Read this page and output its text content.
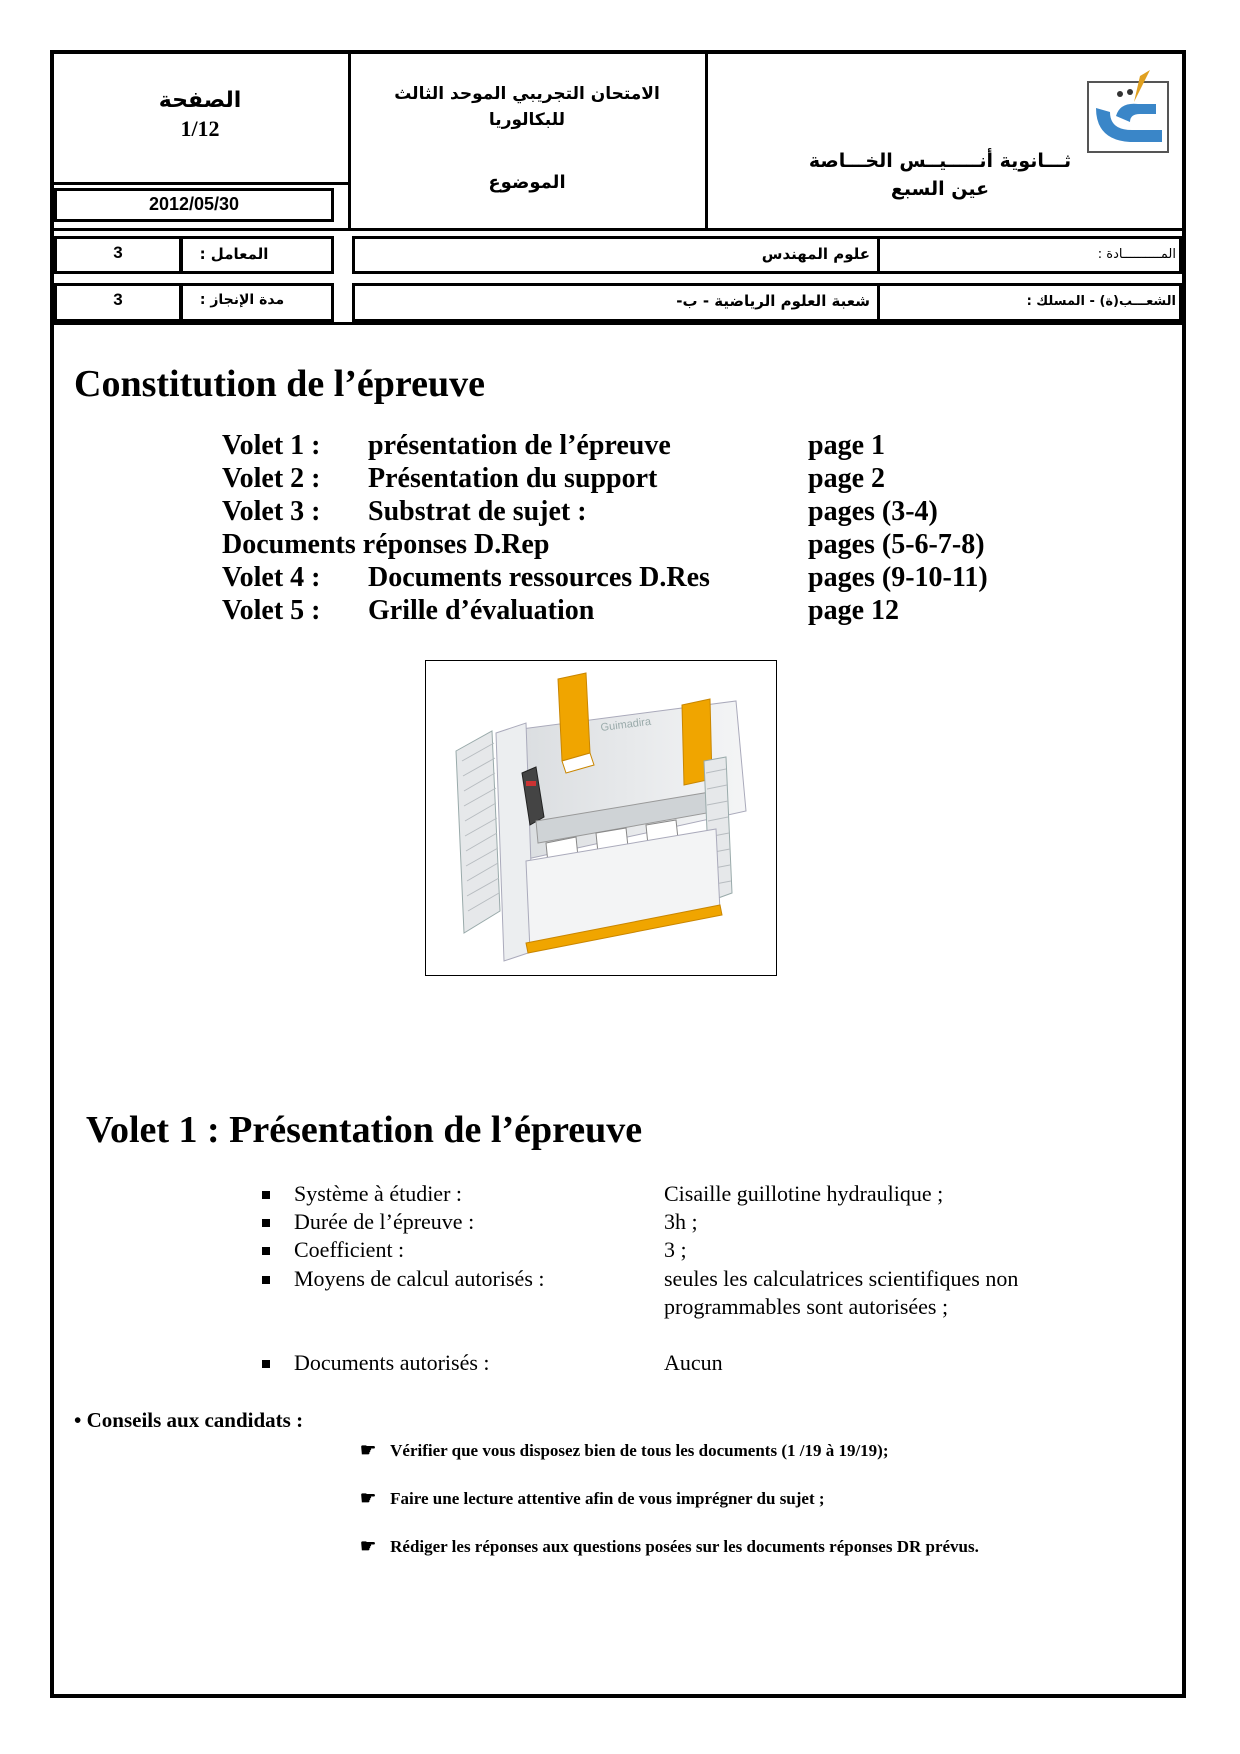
الصفحة
1/12
2012/05/30
الامتحان التجريبي الموحد الثالث
للبكالوريا
الموضوع
ثـــانوية أنـــــيــس الخـــاصة
عين السبع
3	المعامل :	علوم المهندس	المــــــــــادة :
3	مدة الإنجاز :	شعبة العلوم الرياضية - ب-	الشعـــب(ة) - المسلك :
Constitution de l’épreuve
Volet 1 : présentation de l’épreuve	page 1
Volet 2 : Présentation du support	page 2
Volet 3 : Substrat de sujet :	pages (3-4)
Documents réponses D.Rep	pages (5-6-7-8)
Volet 4 : Documents ressources D.Res	pages (9-10-11)
Volet 5 : Grille d’évaluation	page 12
Guimadira
Volet 1 : Présentation de l’épreuve
Système à étudier :	Cisaille guillotine hydraulique ;
Durée de l’épreuve :	3h ;
Coefficient :	3 ;
Moyens de calcul autorisés :	seules les calculatrices scientifiques non
programmables sont autorisées ;
Documents autorisés :	Aucun
• Conseils aux candidats :
☛ Vérifier que vous disposez bien de tous les documents (1 /19 à 19/19);
☛ Faire une lecture attentive afin de vous imprégner du sujet ;
☛ Rédiger les réponses aux questions posées sur les documents réponses DR prévus.
